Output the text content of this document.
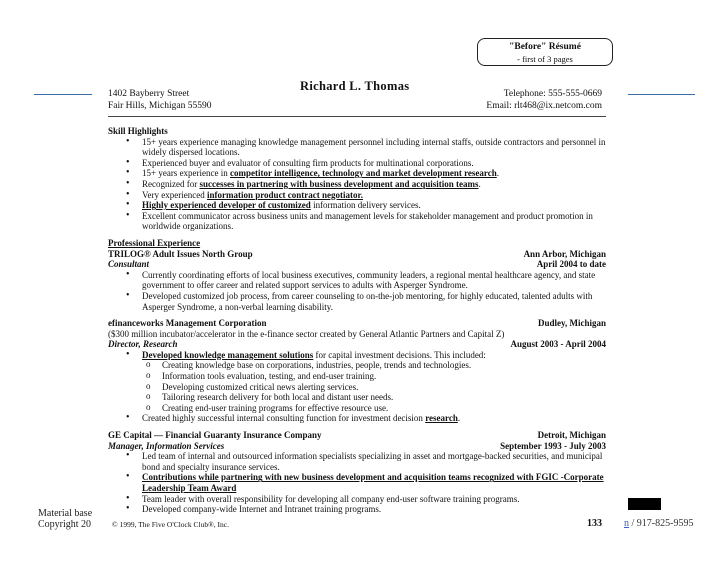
"Before" Résumé
- first of 3 pages
Richard L. Thomas
1402 Bayberry Street
Fair Hills, Michigan 55590
Telephone: 555-555-0669
Email: rlt468@ix.netcom.com
Skill Highlights
• 15+ years experience managing knowledge management personnel including internal staffs, outside contractors and personnel in widely dispersed locations.
• Experienced buyer and evaluator of consulting firm products for multinational corporations.
• 15+ years experience in competitor intelligence, technology and market development research.
• Recognized for successes in partnering with business development and acquisition teams.
• Very experienced information product contract negotiator.
• Highly experienced developer of customized information delivery services.
• Excellent communicator across business units and management levels for stakeholder management and product promotion in worldwide organizations.
Professional Experience
TRILOG® Adult Issues North Group	Ann Arbor, Michigan
Consultant	April 2004 to date
• Currently coordinating efforts of local business executives, community leaders, a regional mental healthcare agency, and state government to offer career and related support services to adults with Asperger Syndrome.
• Developed customized job process, from career counseling to on-the-job mentoring, for highly educated, talented adults with Asperger Syndrome, a non-verbal learning disability.
efinanceworks Management Corporation	Dudley, Michigan
($300 million incubator/accelerator in the e-finance sector created by General Atlantic Partners and Capital Z)
Director, Research	August 2003 - April 2004
• Developed knowledge management solutions for capital investment decisions. This included:
o Creating knowledge base on corporations, industries, people, trends and technologies.
o Information tools evaluation, testing, and end-user training.
o Developing customized critical news alerting services.
o Tailoring research delivery for both local and distant user needs.
o Creating end-user training programs for effective resource use.
• Created highly successful internal consulting function for investment decision research.
GE Capital — Financial Guaranty Insurance Company	Detroit, Michigan
Manager, Information Services	September 1993 - July 2003
• Led team of internal and outsourced information specialists specializing in asset and mortgage-backed securities, and municipal bond and specialty insurance services.
• Contributions while partnering with new business development and acquisition teams recognized with FGIC -Corporate Leadership Team Award
• Team leader with overall responsibility for developing all company end-user software training programs.
• Developed company-wide Internet and Intranet training programs.
© 1999, The Five O'Clock Club®, Inc.	133
Material base
Copyright 20	n / 917-825-9595
